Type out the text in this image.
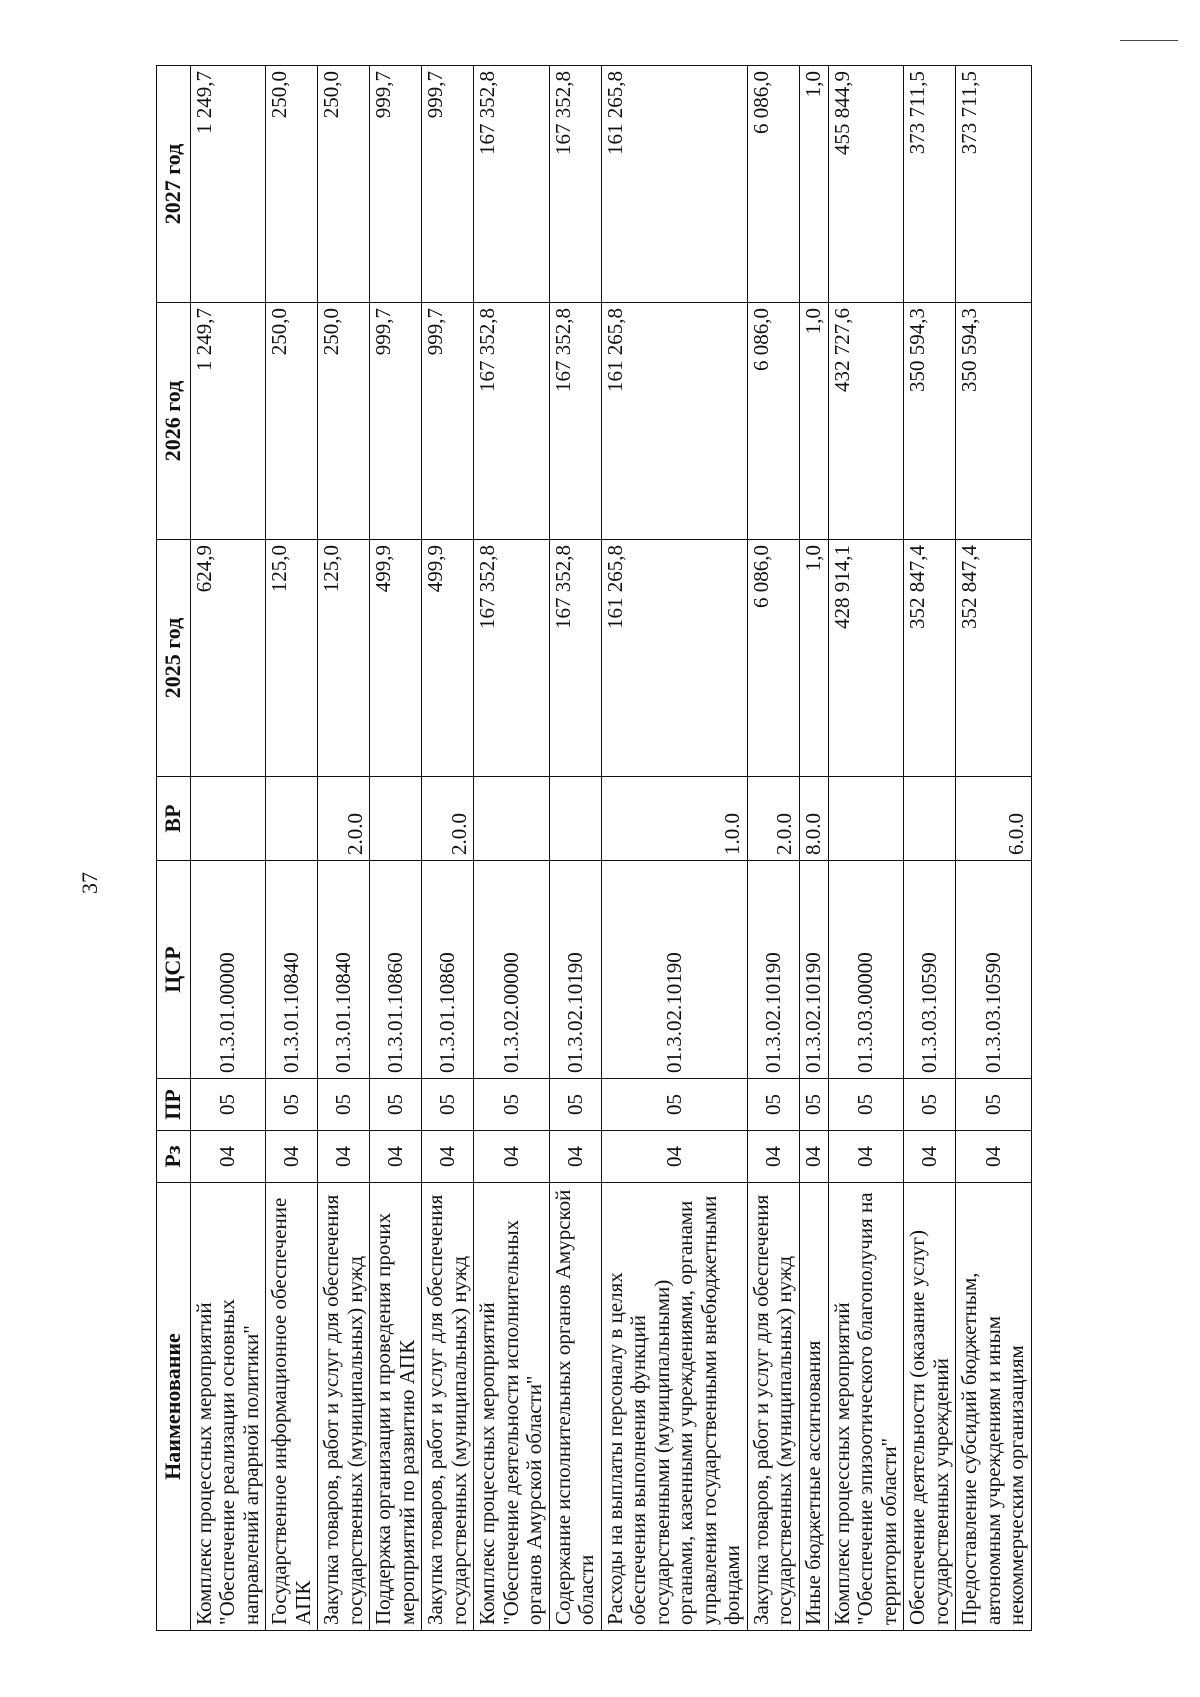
37
Наименование	Рз	ПР	ЦСР	ВР	2025 год	2026 год	2027 год
Комплекс процессных мероприятий "Обеспечение реализации основных направлений аграрной политики"	04	05	01.3.01.00000		624,9	1 249,7	1 249,7
Государственное информационное обеспечение АПК	04	05	01.3.01.10840		125,0	250,0	250,0
Закупка товаров, работ и услуг для обеспечения государственных (муниципальных) нужд	04	05	01.3.01.10840	2.0.0	125,0	250,0	250,0
Поддержка организации и проведения прочих мероприятий по развитию АПК	04	05	01.3.01.10860		499,9	999,7	999,7
Закупка товаров, работ и услуг для обеспечения государственных (муниципальных) нужд	04	05	01.3.01.10860	2.0.0	499,9	999,7	999,7
Комплекс процессных мероприятий "Обеспечение деятельности исполнительных органов Амурской области"	04	05	01.3.02.00000		167 352,8	167 352,8	167 352,8
Содержание исполнительных органов Амурской области	04	05	01.3.02.10190		167 352,8	167 352,8	167 352,8
Расходы на выплаты персоналу в целях обеспечения выполнения функций государственными (муниципальными) органами, казенными учреждениями, органами управления государственными внебюджетными фондами	04	05	01.3.02.10190	1.0.0	161 265,8	161 265,8	161 265,8
Закупка товаров, работ и услуг для обеспечения государственных (муниципальных) нужд	04	05	01.3.02.10190	2.0.0	6 086,0	6 086,0	6 086,0
Иные бюджетные ассигнования	04	05	01.3.02.10190	8.0.0	1,0	1,0	1,0
Комплекс процессных мероприятий "Обеспечение эпизоотического благополучия на территории области"	04	05	01.3.03.00000		428 914,1	432 727,6	455 844,9
Обеспечение деятельности (оказание услуг) государственных учреждений	04	05	01.3.03.10590		352 847,4	350 594,3	373 711,5
Предоставление субсидий бюджетным, автономным учреждениям и иным некоммерческим организациям	04	05	01.3.03.10590	6.0.0	352 847,4	350 594,3	373 711,5
